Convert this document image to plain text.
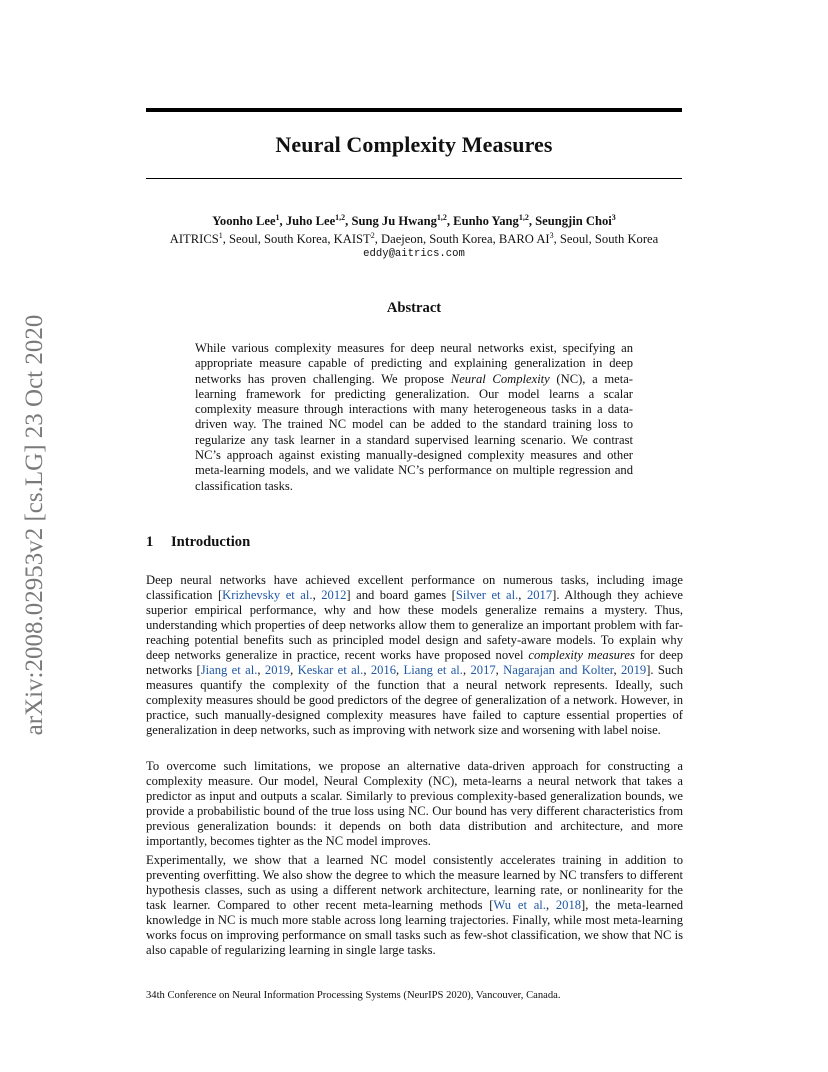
arXiv:2008.02953v2 [cs.LG] 23 Oct 2020
Neural Complexity Measures
Yoonho Lee$^1$, Juho Lee$^{1,2}$, Sung Ju Hwang$^{1,2}$, Eunho Yang$^{1,2}$, Seungjin Choi$^3$
AITRICS$^1$, Seoul, South Korea, KAIST$^2$, Daejeon, South Korea, BARO $AI^3$, Seoul, South Korea
eddy@aitrics.com
Abstract
While various complexity measures for deep neural networks exist, specifying an appropriate measure capable of predicting and explaining generalization in deep networks has proven challenging. We propose Neural Complexity (NC), a meta-learning framework for predicting generalization. Our model learns a scalar complexity measure through interactions with many heterogeneous tasks in a data-driven way. The trained NC model can be added to the standard training loss to regularize any task learner in a standard supervised learning scenario. We contrast NC’s approach against existing manually-designed complexity measures and other meta-learning models, and we validate NC’s performance on multiple regression and classification tasks.
1 Introduction
Deep neural networks have achieved excellent performance on numerous tasks, including image classification [Krizhevsky et al., 2012] and board games [Silver et al., 2017]. Although they achieve superior empirical performance, why and how these models generalize remains a mystery. Thus, understanding which properties of deep networks allow them to generalize an important problem with far-reaching potential benefits such as principled model design and safety-aware models. To explain why deep networks generalize in practice, recent works have proposed novel complexity measures for deep networks [Jiang et al., 2019, Keskar et al., 2016, Liang et al., 2017, Nagarajan and Kolter, 2019]. Such measures quantify the complexity of the function that a neural network represents. Ideally, such complexity measures should be good predictors of the degree of generalization of a network. However, in practice, such manually-designed complexity measures have failed to capture essential properties of generalization in deep networks, such as improving with network size and worsening with label noise.
To overcome such limitations, we propose an alternative data-driven approach for constructing a complexity measure. Our model, Neural Complexity (NC), meta-learns a neural network that takes a predictor as input and outputs a scalar. Similarly to previous complexity-based generalization bounds, we provide a probabilistic bound of the true loss using NC. Our bound has very different characteristics from previous generalization bounds: it depends on both data distribution and architecture, and more importantly, becomes tighter as the NC model improves.
Experimentally, we show that a learned NC model consistently accelerates training in addition to preventing overfitting. We also show the degree to which the measure learned by NC transfers to different hypothesis classes, such as using a different network architecture, learning rate, or nonlinearity for the task learner. Compared to other recent meta-learning methods [Wu et al., 2018], the meta-learned knowledge in NC is much more stable across long learning trajectories. Finally, while most meta-learning works focus on improving performance on small tasks such as few-shot classification, we show that NC is also capable of regularizing learning in single large tasks.
34th Conference on Neural Information Processing Systems (NeurIPS 2020), Vancouver, Canada.
